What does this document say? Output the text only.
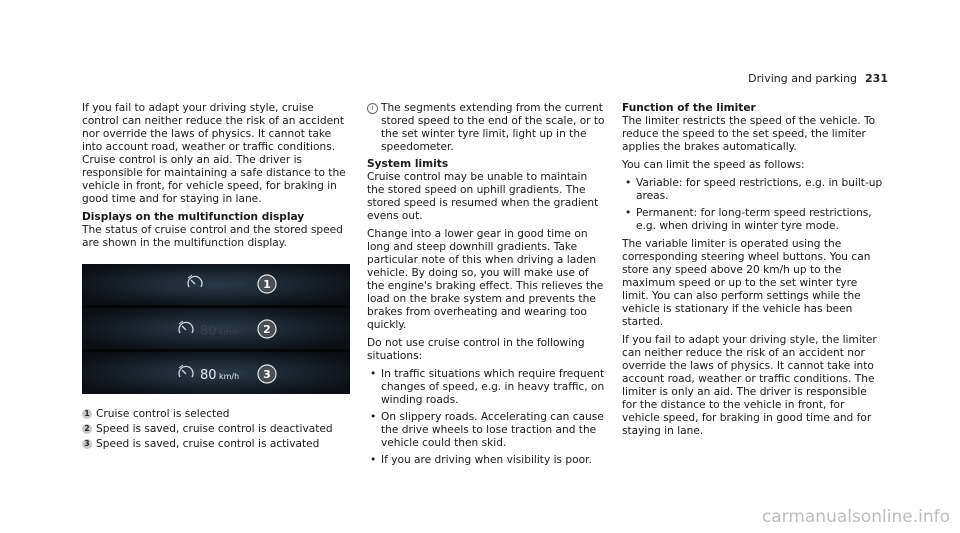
Driving and parking 231

If you fail to adapt your driving style, cruise control can neither reduce the risk of an accident nor override the laws of physics. It cannot take into account road, weather or traffic conditions. Cruise control is only an aid. The driver is responsible for maintaining a safe distance to the vehicle in front, for vehicle speed, for braking in good time and for staying in lane.

Displays on the multifunction display

The status of cruise control and the stored speed are shown in the multifunction display.

1
80 km/h 2
80 km/h 3
1 Cruise control is selected
2 Speed is saved, cruise control is deactivated
3 Speed is saved, cruise control is activated
i The segments extending from the current stored speed to the end of the scale, or to the set winter tyre limit, light up in the speedometer.
System limits

Cruise control may be unable to maintain the stored speed on uphill gradients. The stored speed is resumed when the gradient evens out.

Change into a lower gear in good time on long and steep downhill gradients. Take particular note of this when driving a laden vehicle. By doing so, you will make use of the engine's braking effect. This relieves the load on the brake system and prevents the brakes from overheating and wearing too quickly.

Do not use cruise control in the following situations:

• In traffic situations which require frequent changes of speed, e.g. in heavy traffic, on winding roads.
• On slippery roads. Accelerating can cause the drive wheels to lose traction and the vehicle could then skid.
• If you are driving when visibility is poor.
Function of the limiter

The limiter restricts the speed of the vehicle. To reduce the speed to the set speed, the limiter applies the brakes automatically.

You can limit the speed as follows:

• Variable: for speed restrictions, e.g. in built-up areas.
• Permanent: for long-term speed restrictions, e.g. when driving in winter tyre mode.

The variable limiter is operated using the corresponding steering wheel buttons. You can store any speed above 20 km/h up to the maximum speed or up to the set winter tyre limit. You can also perform settings while the vehicle is stationary if the vehicle has been started.

If you fail to adapt your driving style, the limiter can neither reduce the risk of an accident nor override the laws of physics. It cannot take into account road, weather or traffic conditions. The limiter is only an aid. The driver is responsible for the distance to the vehicle in front, for vehicle speed, for braking in good time and for staying in lane.

carmanualsonline.info
